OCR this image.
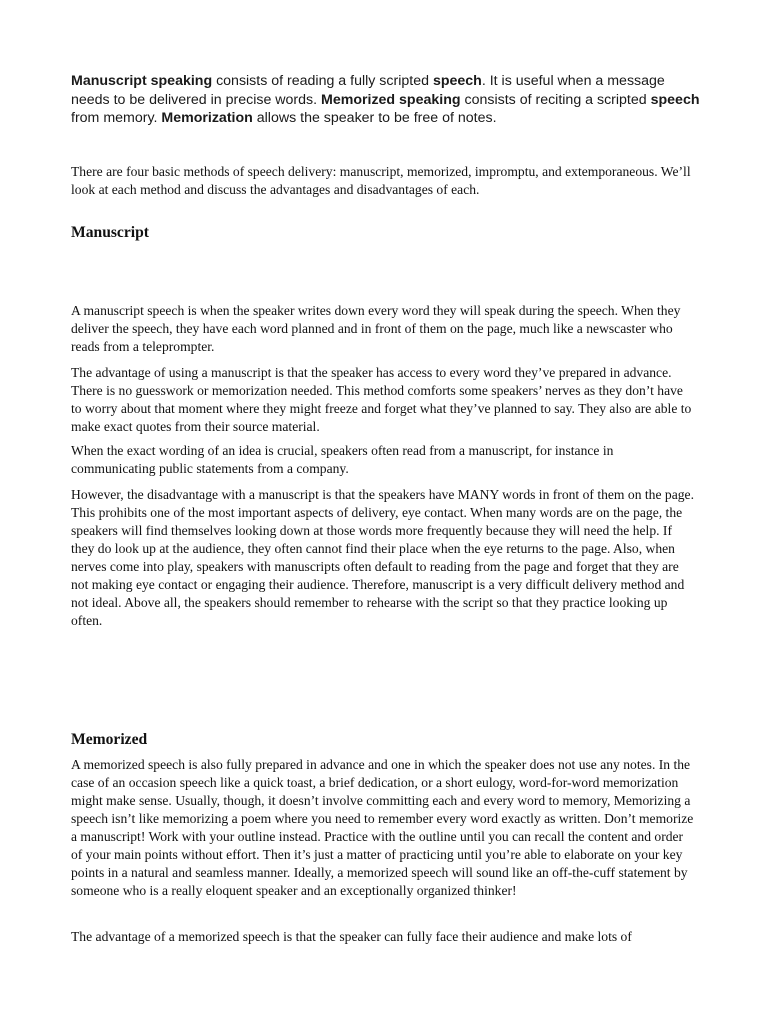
Manuscript speaking consists of reading a fully scripted speech. It is useful when a message needs to be delivered in precise words. Memorized speaking consists of reciting a scripted speech from memory. Memorization allows the speaker to be free of notes.

There are four basic methods of speech delivery: manuscript, memorized, impromptu, and extemporaneous. We’ll look at each method and discuss the advantages and disadvantages of each.

Manuscript

A manuscript speech is when the speaker writes down every word they will speak during the speech. When they deliver the speech, they have each word planned and in front of them on the page, much like a newscaster who reads from a teleprompter.

The advantage of using a manuscript is that the speaker has access to every word they’ve prepared in advance. There is no guesswork or memorization needed. This method comforts some speakers’ nerves as they don’t have to worry about that moment where they might freeze and forget what they’ve planned to say. They also are able to make exact quotes from their source material.

When the exact wording of an idea is crucial, speakers often read from a manuscript, for instance in communicating public statements from a company.

However, the disadvantage with a manuscript is that the speakers have MANY words in front of them on the page. This prohibits one of the most important aspects of delivery, eye contact. When many words are on the page, the speakers will find themselves looking down at those words more frequently because they will need the help. If they do look up at the audience, they often cannot find their place when the eye returns to the page. Also, when nerves come into play, speakers with manuscripts often default to reading from the page and forget that they are not making eye contact or engaging their audience. Therefore, manuscript is a very difficult delivery method and not ideal. Above all, the speakers should remember to rehearse with the script so that they practice looking up often.

Memorized

A memorized speech is also fully prepared in advance and one in which the speaker does not use any notes. In the case of an occasion speech like a quick toast, a brief dedication, or a short eulogy, word-for-word memorization might make sense. Usually, though, it doesn’t involve committing each and every word to memory, Memorizing a speech isn’t like memorizing a poem where you need to remember every word exactly as written. Don’t memorize a manuscript! Work with your outline instead. Practice with the outline until you can recall the content and order of your main points without effort. Then it’s just a matter of practicing until you’re able to elaborate on your key points in a natural and seamless manner. Ideally, a memorized speech will sound like an off-the-cuff statement by someone who is a really eloquent speaker and an exceptionally organized thinker!

The advantage of a memorized speech is that the speaker can fully face their audience and make lots of
